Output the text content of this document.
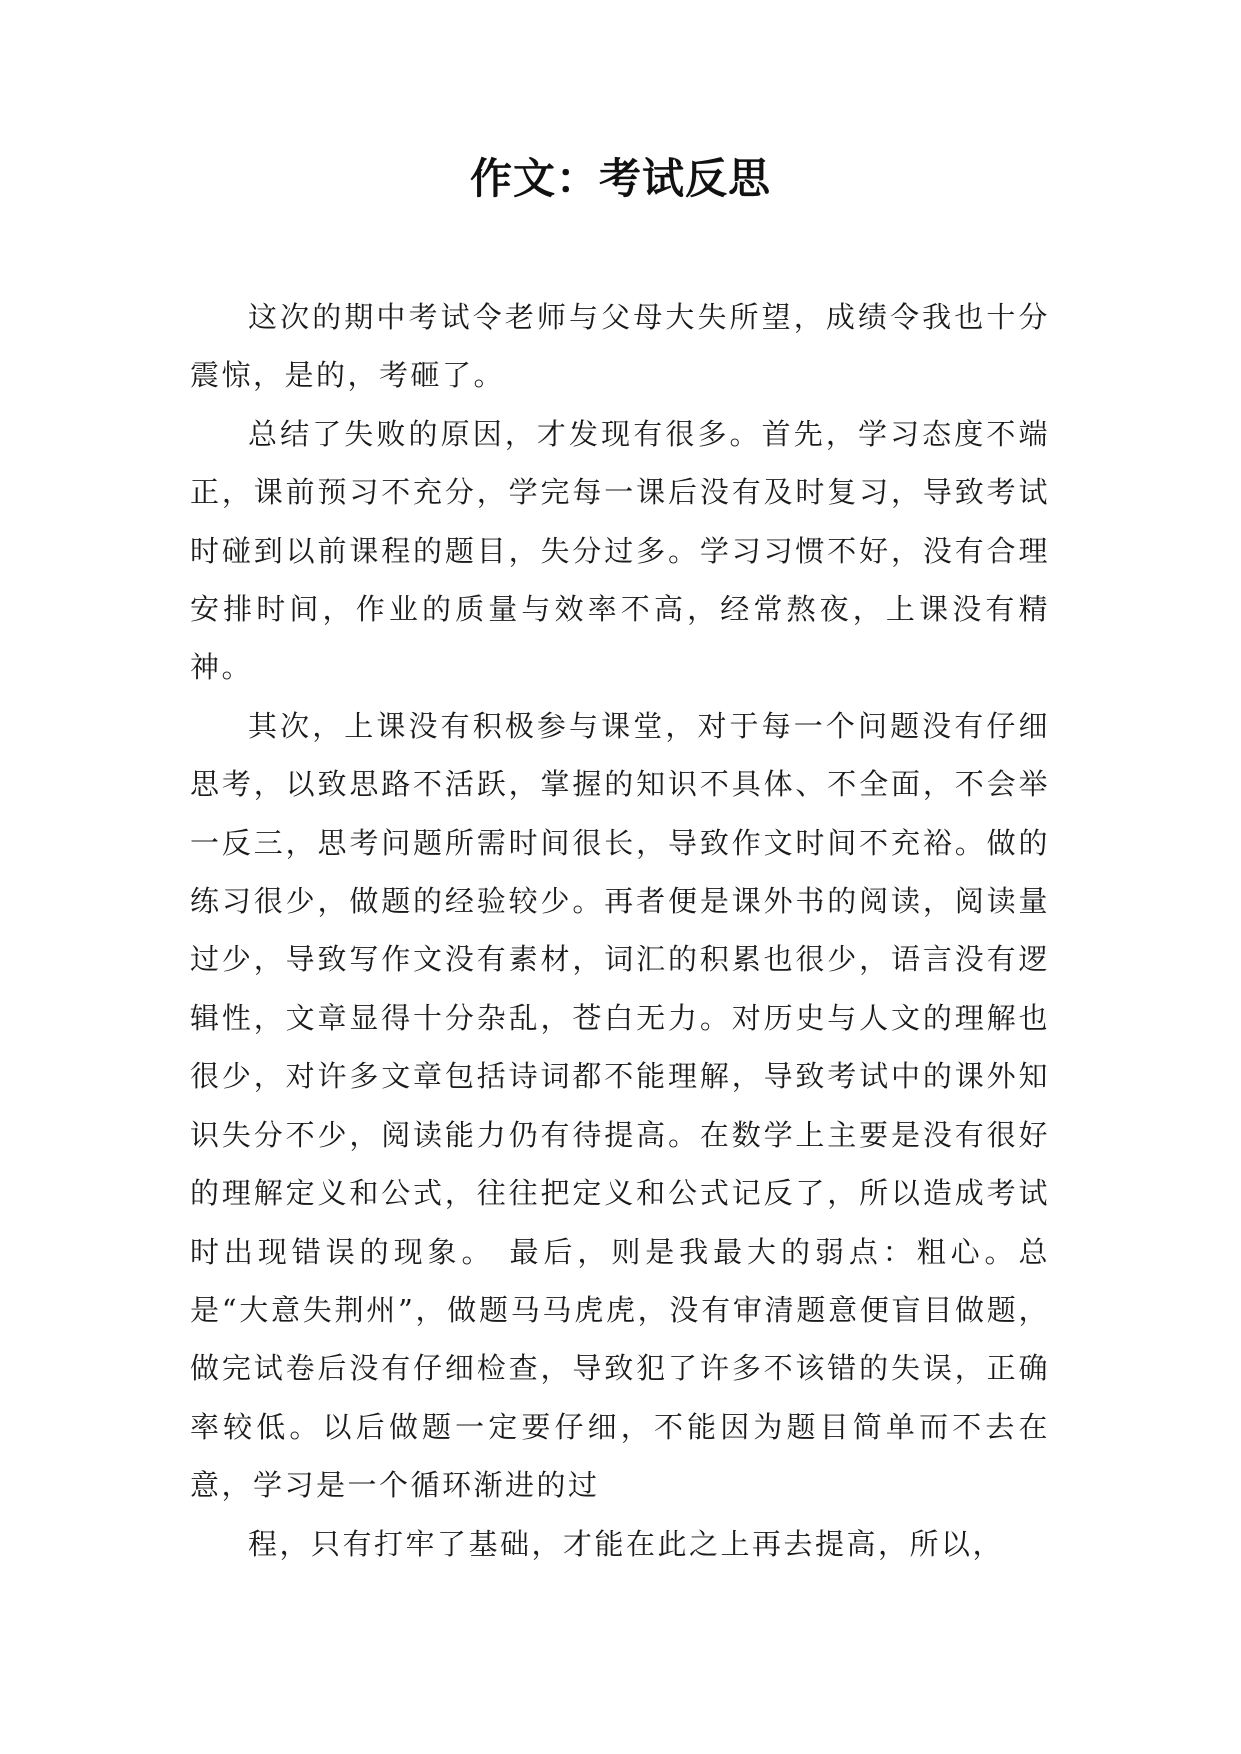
作文：考试反思

这次的期中考试令老师与父母大失所望，成绩令我也十分震惊，是的，考砸了。

总结了失败的原因，才发现有很多。首先，学习态度不端正，课前预习不充分，学完每一课后没有及时复习，导致考试时碰到以前课程的题目，失分过多。学习习惯不好，没有合理安排时间，作业的质量与效率不高，经常熬夜，上课没有精神。

其次，上课没有积极参与课堂，对于每一个问题没有仔细思考，以致思路不活跃，掌握的知识不具体、不全面，不会举一反三，思考问题所需时间很长，导致作文时间不充裕。做的练习很少，做题的经验较少。再者便是课外书的阅读，阅读量过少，导致写作文没有素材，词汇的积累也很少，语言没有逻辑性，文章显得十分杂乱，苍白无力。对历史与人文的理解也很少，对许多文章包括诗词都不能理解，导致考试中的课外知识失分不少，阅读能力仍有待提高。在数学上主要是没有很好的理解定义和公式，往往把定义和公式记反了，所以造成考试时出现错误的现象。 最后，则是我最大的弱点：粗心。总是“大意失荆州”，做题马马虎虎，没有审清题意便盲目做题，做完试卷后没有仔细检查，导致犯了许多不该错的失误，正确率较低。以后做题一定要仔细，不能因为题目简单而不去在意，学习是一个循环渐进的过

程，只有打牢了基础，才能在此之上再去提高，所以，
